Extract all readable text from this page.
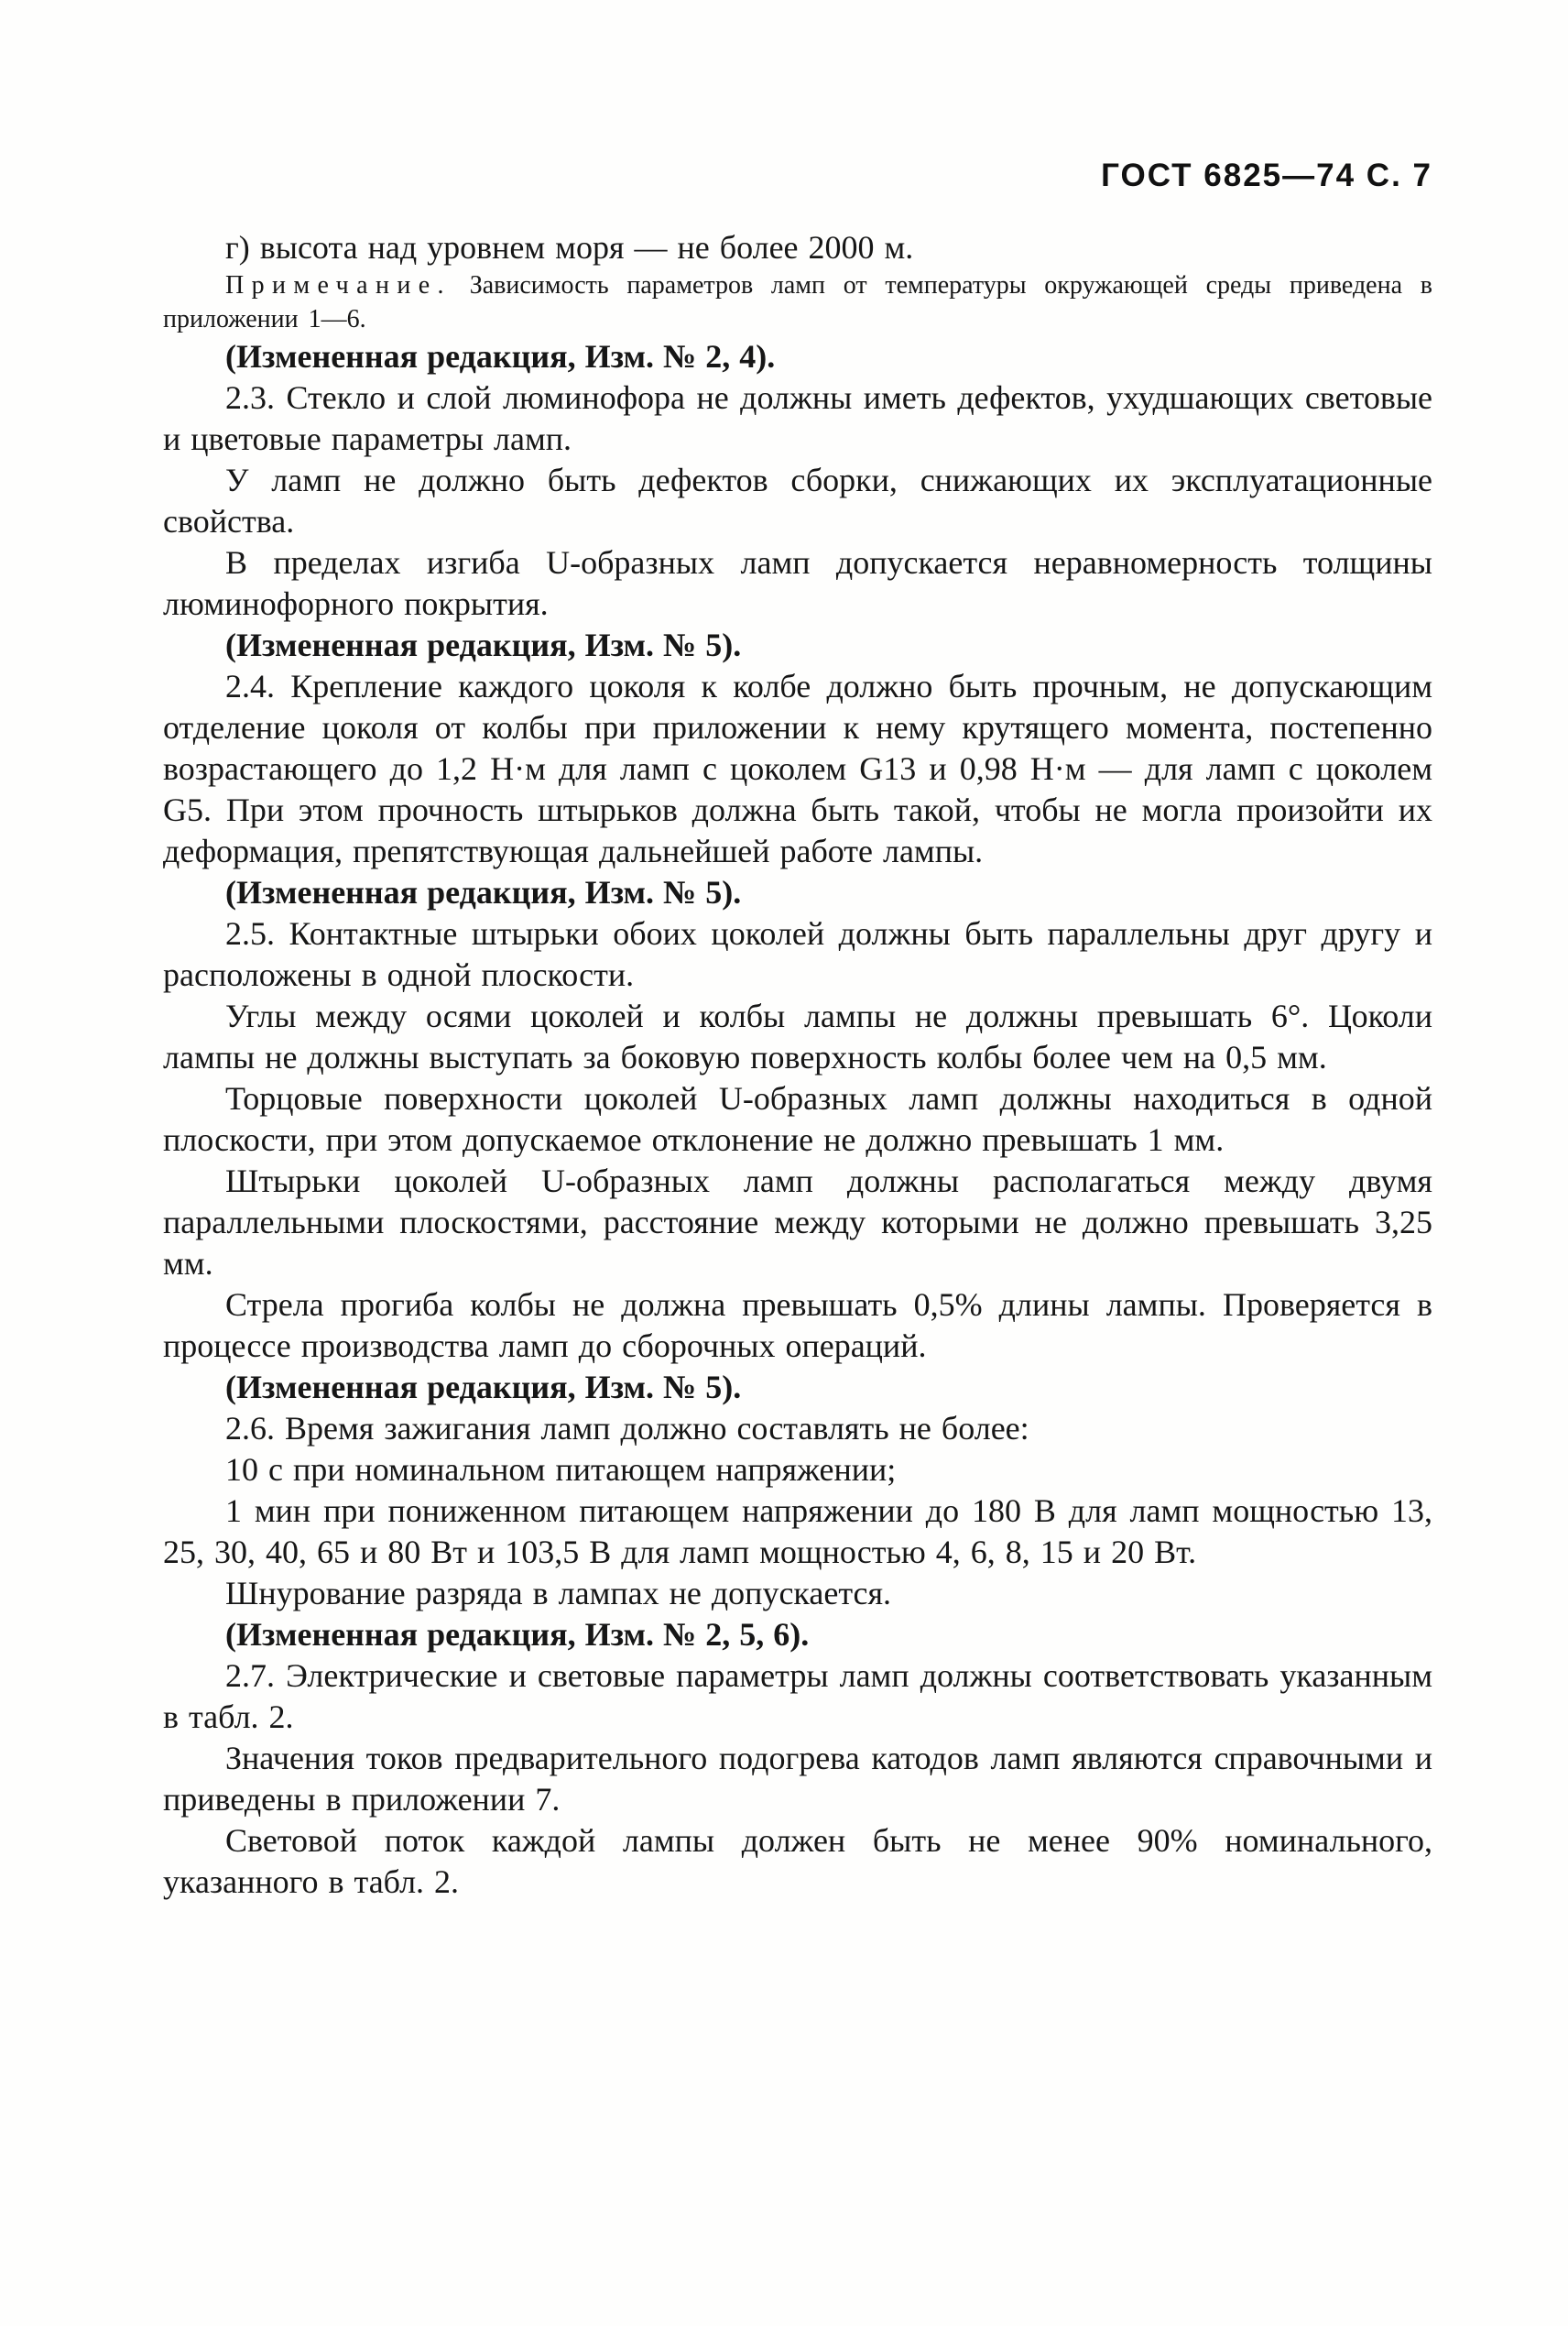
ГОСТ 6825—74 С. 7

г) высота над уровнем моря — не более 2000 м.

Примечание. Зависимость параметров ламп от температуры окружающей среды приведена в приложении 1—6.

(Измененная редакция, Изм. № 2, 4).

2.3. Стекло и слой люминофора не должны иметь дефектов, ухудшающих световые и цветовые параметры ламп.

У ламп не должно быть дефектов сборки, снижающих их эксплуатационные свойства.

В пределах изгиба U-образных ламп допускается неравномерность толщины люминофорного покрытия.

(Измененная редакция, Изм. № 5).

2.4. Крепление каждого цоколя к колбе должно быть прочным, не допускающим отделение цоколя от колбы при приложении к нему крутящего момента, постепенно возрастающего до 1,2 Н·м для ламп с цоколем G13 и 0,98 Н·м — для ламп с цоколем G5. При этом прочность штырьков должна быть такой, чтобы не могла произойти их деформация, препятствующая дальнейшей работе лампы.

(Измененная редакция, Изм. № 5).

2.5. Контактные штырьки обоих цоколей должны быть параллельны друг другу и расположены в одной плоскости.

Углы между осями цоколей и колбы лампы не должны превышать 6°. Цоколи лампы не должны выступать за боковую поверхность колбы более чем на 0,5 мм.

Торцовые поверхности цоколей U-образных ламп должны находиться в одной плоскости, при этом допускаемое отклонение не должно превышать 1 мм.

Штырьки цоколей U-образных ламп должны располагаться между двумя параллельными плоскостями, расстояние между которыми не должно превышать 3,25 мм.

Стрела прогиба колбы не должна превышать 0,5% длины лампы. Проверяется в процессе производства ламп до сборочных операций.

(Измененная редакция, Изм. № 5).

2.6. Время зажигания ламп должно составлять не более:

10 с при номинальном питающем напряжении;

1 мин при пониженном питающем напряжении до 180 В для ламп мощностью 13, 25, 30, 40, 65 и 80 Вт и 103,5 В для ламп мощностью 4, 6, 8, 15 и 20 Вт.

Шнурование разряда в лампах не допускается.

(Измененная редакция, Изм. № 2, 5, 6).

2.7. Электрические и световые параметры ламп должны соответствовать указанным в табл. 2.

Значения токов предварительного подогрева катодов ламп являются справочными и приведены в приложении 7.

Световой поток каждой лампы должен быть не менее 90% номинального, указанного в табл. 2.
